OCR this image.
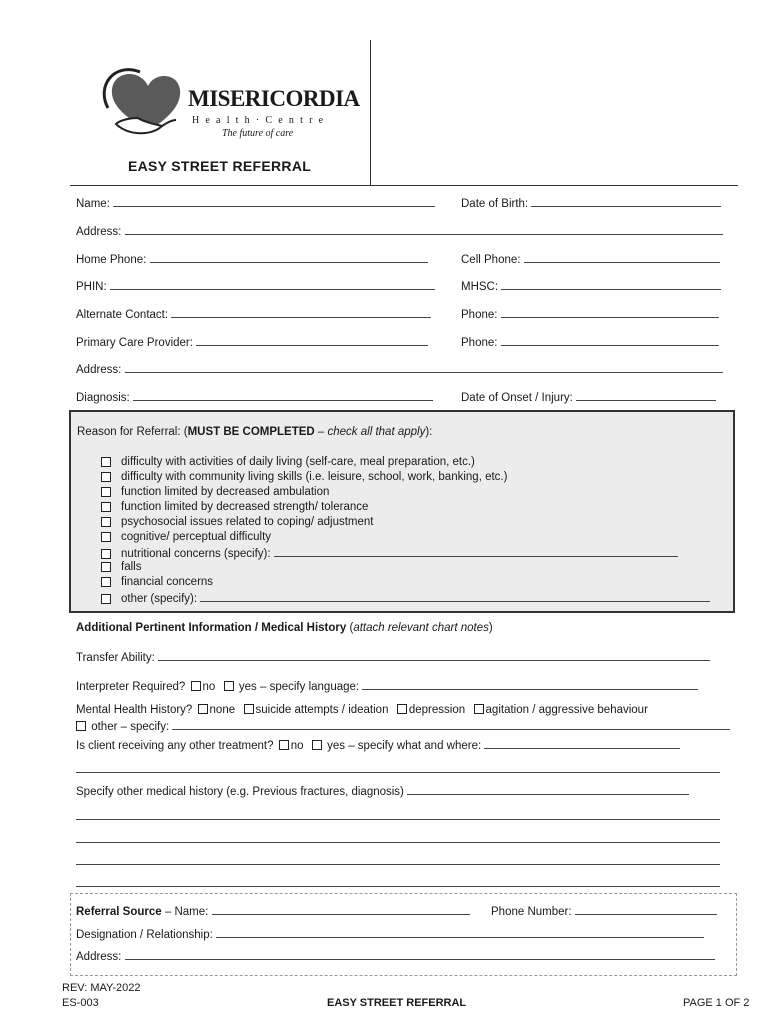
MISERICORDIA
Health·Centre
The future of care
EASY STREET REFERRAL
Name:	Date of Birth:
Address:
Home Phone:	Cell Phone:
PHIN:	MHSC:
Alternate Contact:	Phone:
Primary Care Provider:	Phone:
Address:
Diagnosis:	Date of Onset / Injury:
Reason for Referral: (MUST BE COMPLETED – check all that apply):
difficulty with activities of daily living (self-care, meal preparation, etc.)
difficulty with community living skills (i.e. leisure, school, work, banking, etc.)
function limited by decreased ambulation
function limited by decreased strength/ tolerance
psychosocial issues related to coping/ adjustment
cognitive/ perceptual difficulty
nutritional concerns (specify):
falls
financial concerns
other (specify):
Additional Pertinent Information / Medical History (attach relevant chart notes)
Transfer Ability:
Interpreter Required? no yes – specify language:
Mental Health History? none suicide attempts / ideation depression agitation / aggressive behaviour
other – specify:
Is client receiving any other treatment? no yes – specify what and where:
Specify other medical history (e.g. Previous fractures, diagnosis)
Referral Source – Name:	Phone Number:
Designation / Relationship:
Address:
REV: MAY-2022
ES-003	EASY STREET REFERRAL	PAGE 1 OF 2
